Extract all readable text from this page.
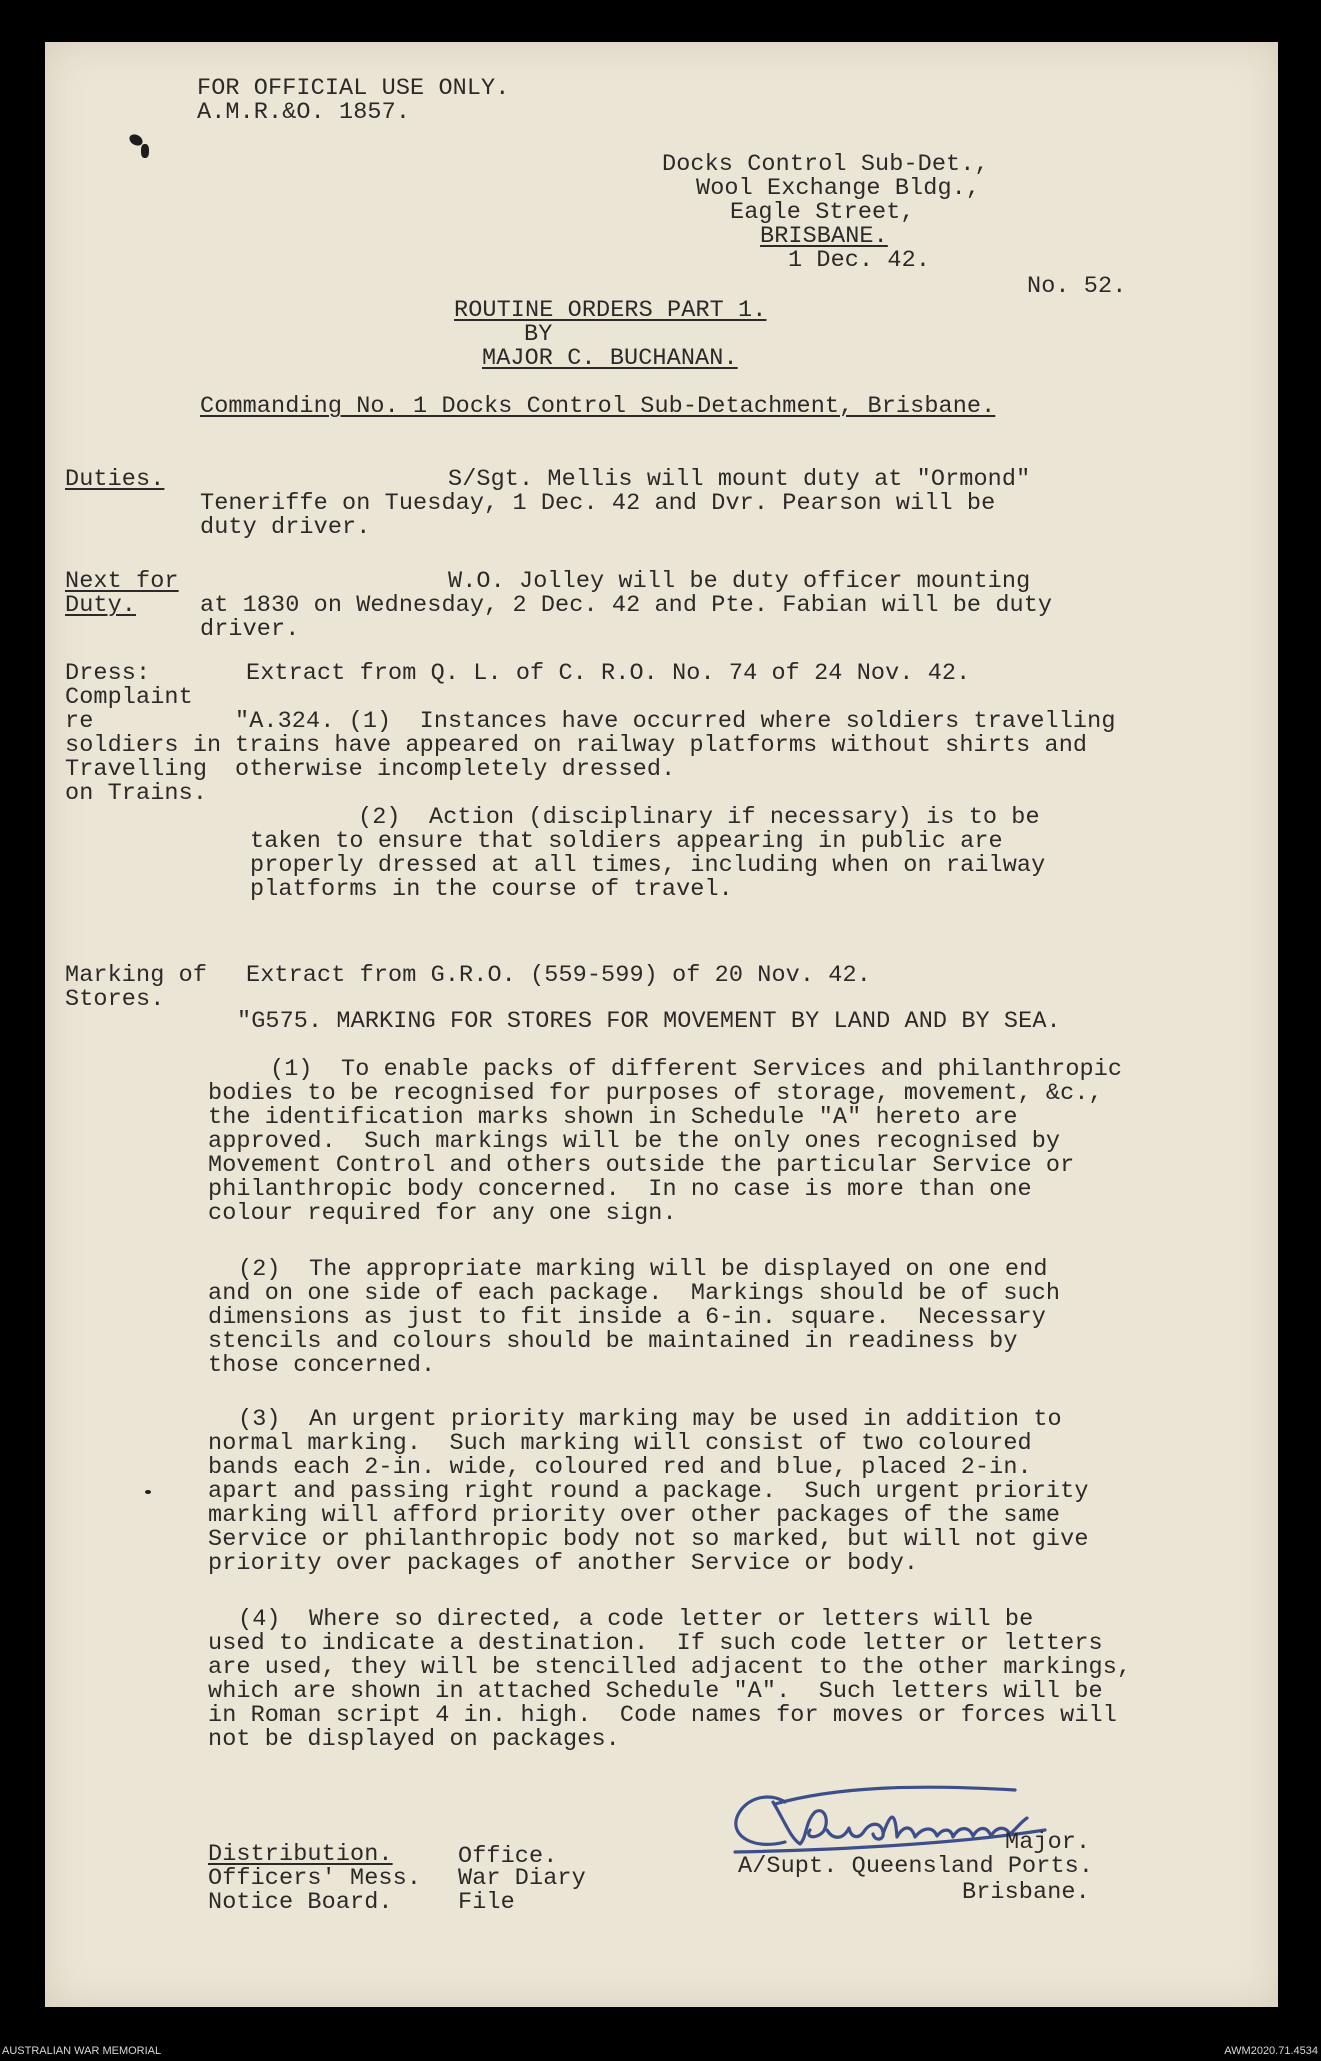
FOR OFFICIAL USE ONLY.
A.M.R.&O. 1857.
Docks Control Sub-Det.,
Wool Exchange Bldg.,
Eagle Street,
BRISBANE.
1 Dec. 42.
No. 52.
ROUTINE ORDERS PART 1.
BY
MAJOR C. BUCHANAN.
Commanding No. 1 Docks Control Sub-Detachment, Brisbane.
Duties.	S/Sgt. Mellis will mount duty at "Ormond"
Teneriffe on Tuesday, 1 Dec. 42 and Dvr. Pearson will be
duty driver.
Next for
Duty.
W.O. Jolley will be duty officer mounting
at 1830 on Wednesday, 2 Dec. 42 and Pte. Fabian will be duty
driver.
Dress:
Complaint
re
soldiers in
Travelling
on Trains.
Extract from Q. L. of C. R.O. No. 74 of 24 Nov. 42.
"A.324. (1)  Instances have occurred where soldiers travelling
trains have appeared on railway platforms without shirts and
otherwise incompletely dressed.
(2)  Action (disciplinary if necessary) is to be
taken to ensure that soldiers appearing in public are
properly dressed at all times, including when on railway
platforms in the course of travel.
Marking of
Stores.
Extract from G.R.O. (559-599) of 20 Nov. 42.
"G575. MARKING FOR STORES FOR MOVEMENT BY LAND AND BY SEA.
(1)  To enable packs of different Services and philanthropic
bodies to be recognised for purposes of storage, movement, &c.,
the identification marks shown in Schedule "A" hereto are
approved.  Such markings will be the only ones recognised by
Movement Control and others outside the particular Service or
philanthropic body concerned.  In no case is more than one
colour required for any one sign.
(2)  The appropriate marking will be displayed on one end
and on one side of each package.  Markings should be of such
dimensions as just to fit inside a 6-in. square.  Necessary
stencils and colours should be maintained in readiness by
those concerned.
(3)  An urgent priority marking may be used in addition to
normal marking.  Such marking will consist of two coloured
bands each 2-in. wide, coloured red and blue, placed 2-in.
apart and passing right round a package.  Such urgent priority
marking will afford priority over other packages of the same
Service or philanthropic body not so marked, but will not give
priority over packages of another Service or body.
(4)  Where so directed, a code letter or letters will be
used to indicate a destination.  If such code letter or letters
are used, they will be stencilled adjacent to the other markings,
which are shown in attached Schedule "A".  Such letters will be
in Roman script 4 in. high.  Code names for moves or forces will
not be displayed on packages.
Major.
A/Supt. Queensland Ports.
Brisbane.
Distribution.
Officers' Mess.
Notice Board.
Office.
War Diary
File
AUSTRALIAN WAR MEMORIAL	AWM2020.71.4534
